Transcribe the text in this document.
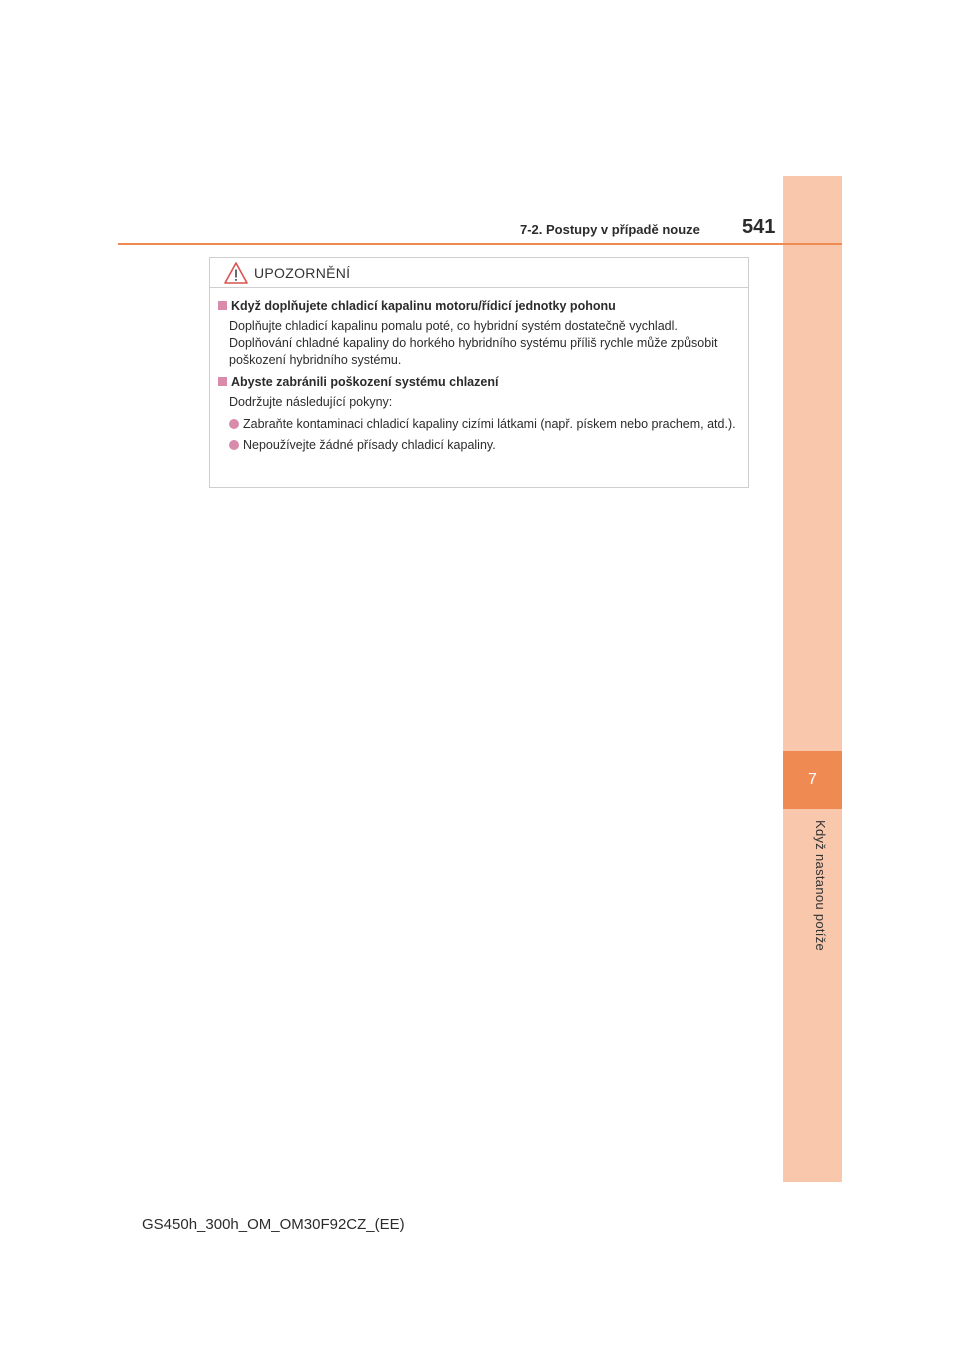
7
Když nastanou potíže
7-2. Postupy v případě nouze 541
UPOZORNĚNÍ
Když doplňujete chladicí kapalinu motoru/řídicí jednotky pohonu
Doplňujte chladicí kapalinu pomalu poté, co hybridní systém dostatečně vychladl. Doplňování chladné kapaliny do horkého hybridního systému příliš rychle může způsobit poškození hybridního systému.
Abyste zabránili poškození systému chlazení
Dodržujte následující pokyny:
Zabraňte kontaminaci chladicí kapaliny cizími látkami (např. pískem nebo prachem, atd.).
Nepoužívejte žádné přísady chladicí kapaliny.
GS450h_300h_OM_OM30F92CZ_(EE)
